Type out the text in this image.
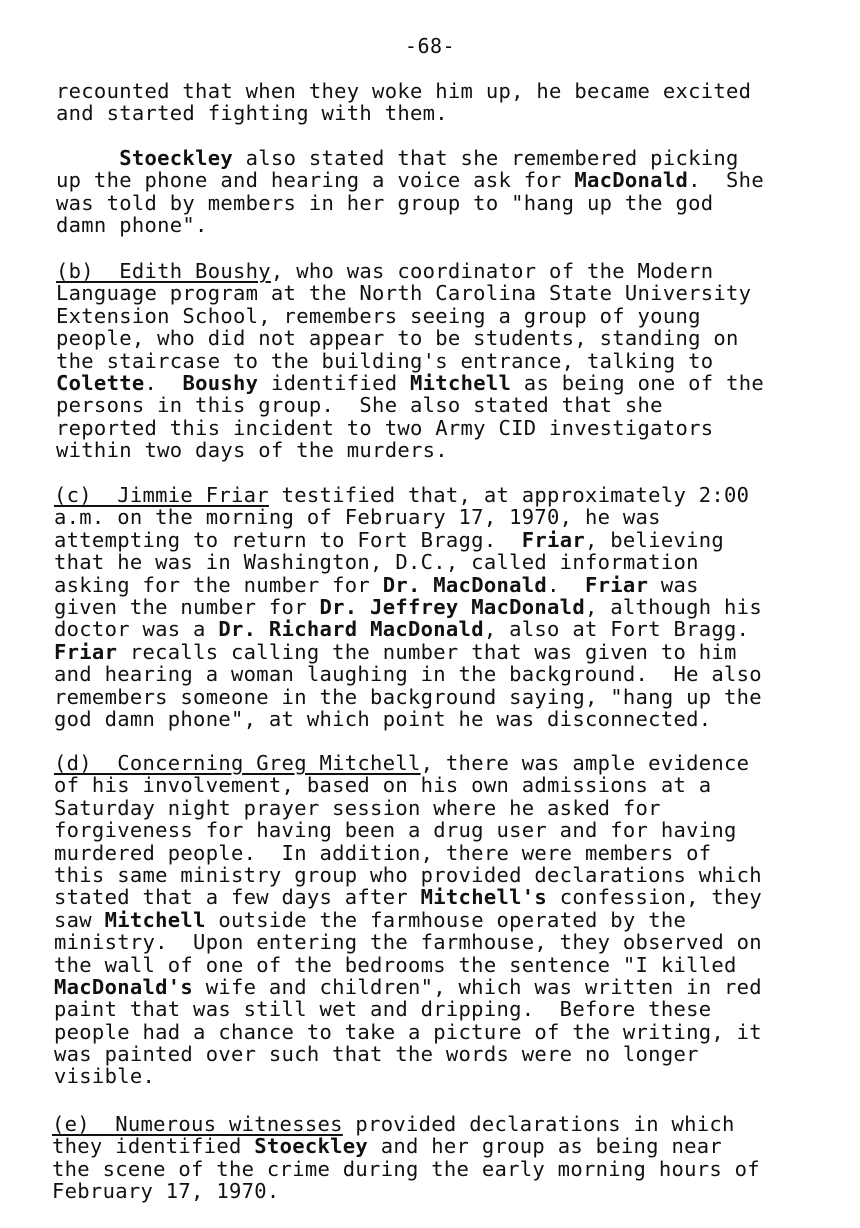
-68-
recounted that when they woke him up, he became excited
and started fighting with them.
Stoeckley also stated that she remembered picking
up the phone and hearing a voice ask for MacDonald.  She
was told by members in her group to "hang up the god
damn phone".
(b)  Edith Boushy, who was coordinator of the Modern
Language program at the North Carolina State University
Extension School, remembers seeing a group of young
people, who did not appear to be students, standing on
the staircase to the building's entrance, talking to
Colette.  Boushy identified Mitchell as being one of the
persons in this group.  She also stated that she
reported this incident to two Army CID investigators
within two days of the murders.
(c)  Jimmie Friar testified that, at approximately 2:00
a.m. on the morning of February 17, 1970, he was
attempting to return to Fort Bragg.  Friar, believing
that he was in Washington, D.C., called information
asking for the number for Dr. MacDonald.  Friar was
given the number for Dr. Jeffrey MacDonald, although his
doctor was a Dr. Richard MacDonald, also at Fort Bragg.
Friar recalls calling the number that was given to him
and hearing a woman laughing in the background.  He also
remembers someone in the background saying, "hang up the
god damn phone", at which point he was disconnected.
(d)  Concerning Greg Mitchell, there was ample evidence
of his involvement, based on his own admissions at a
Saturday night prayer session where he asked for
forgiveness for having been a drug user and for having
murdered people.  In addition, there were members of
this same ministry group who provided declarations which
stated that a few days after Mitchell's confession, they
saw Mitchell outside the farmhouse operated by the
ministry.  Upon entering the farmhouse, they observed on
the wall of one of the bedrooms the sentence "I killed
MacDonald's wife and children", which was written in red
paint that was still wet and dripping.  Before these
people had a chance to take a picture of the writing, it
was painted over such that the words were no longer
visible.
(e)  Numerous witnesses provided declarations in which
they identified Stoeckley and her group as being near
the scene of the crime during the early morning hours of
February 17, 1970.
